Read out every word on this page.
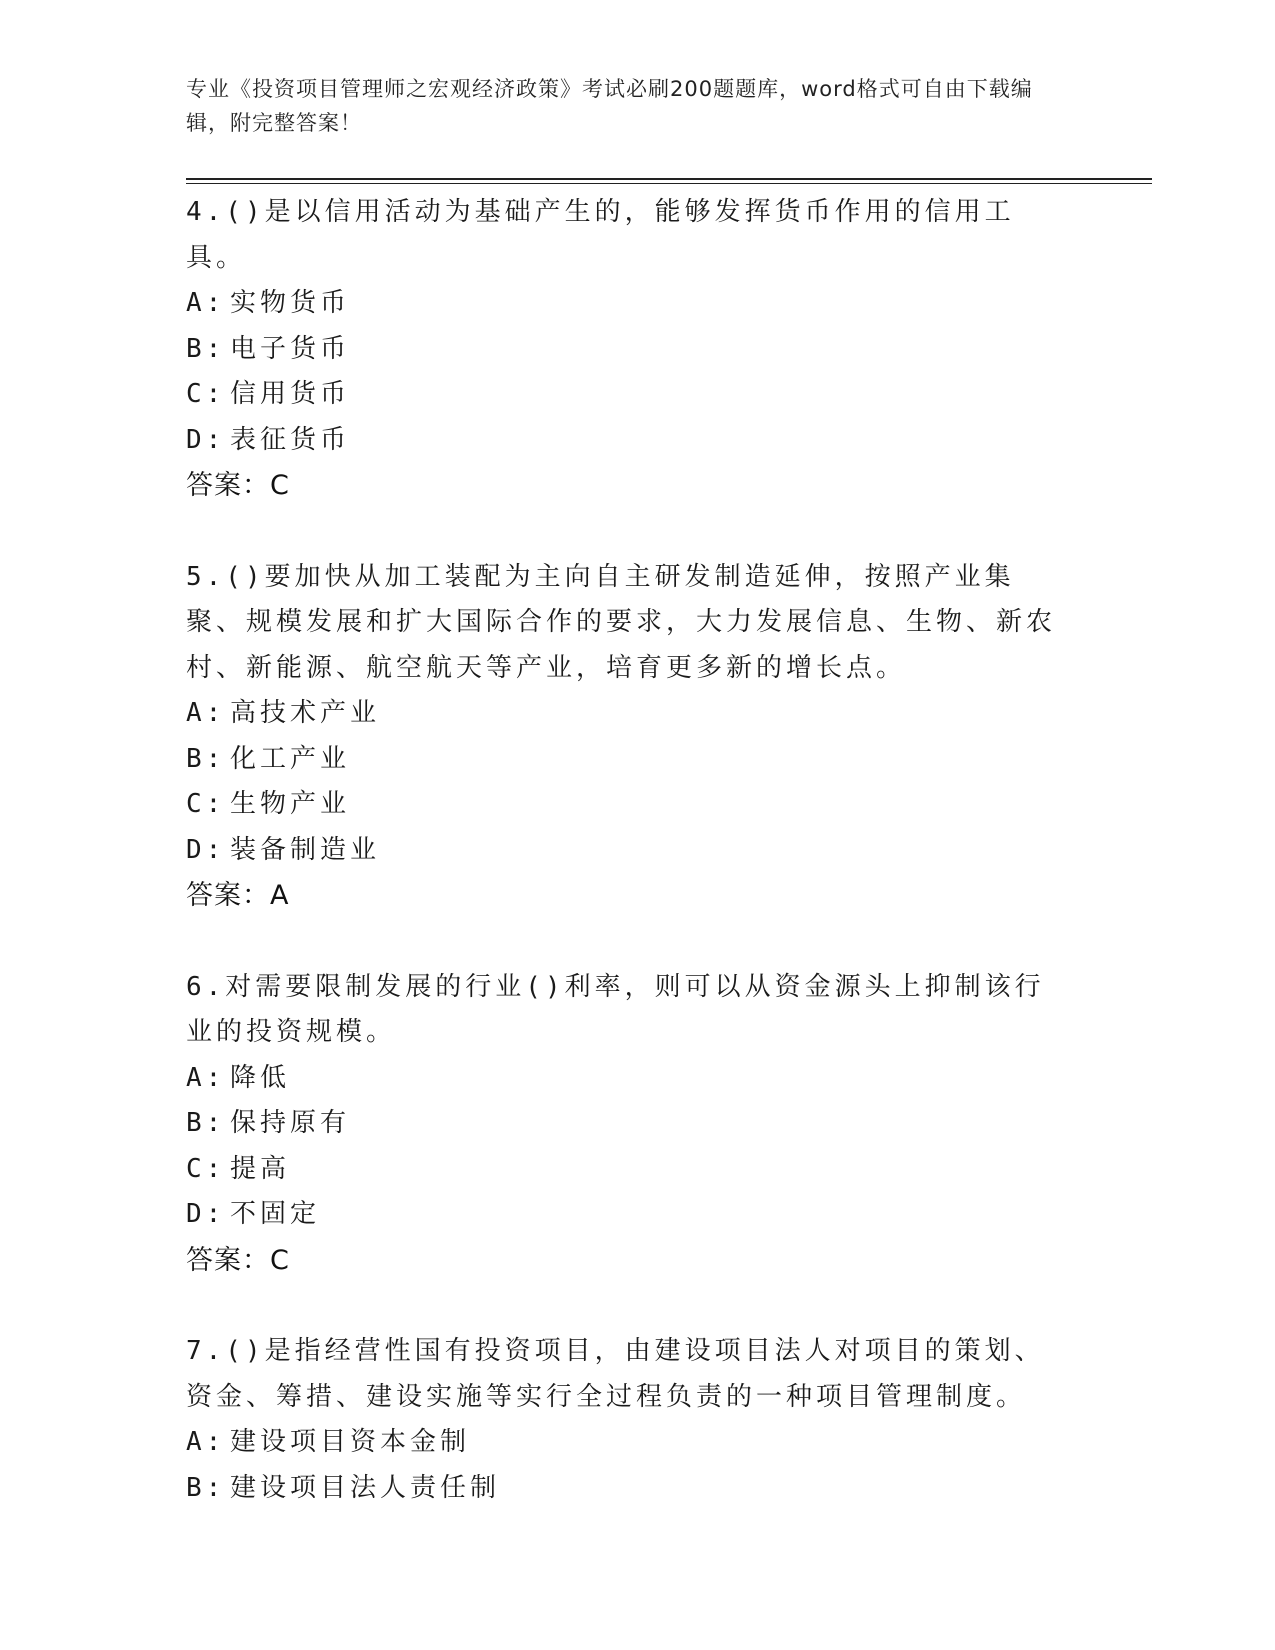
专业《投资项目管理师之宏观经济政策》考试必刷200题题库，word格式可自由下载编辑，附完整答案！

4.()是以信用活动为基础产生的，能够发挥货币作用的信用工具。

A: 实物货币

B: 电子货币

C: 信用货币

D: 表征货币

答案：C

5.()要加快从加工装配为主向自主研发制造延伸，按照产业集聚、规模发展和扩大国际合作的要求，大力发展信息、生物、新农村、新能源、航空航天等产业，培育更多新的增长点。

A: 高技术产业

B: 化工产业

C: 生物产业

D: 装备制造业

答案：A

6.对需要限制发展的行业()利率，则可以从资金源头上抑制该行业的投资规模。

A: 降低

B: 保持原有

C: 提高

D: 不固定

答案：C

7.()是指经营性国有投资项目，由建设项目法人对项目的策划、资金、筹措、建设实施等实行全过程负责的一种项目管理制度。

A: 建设项目资本金制

B: 建设项目法人责任制
